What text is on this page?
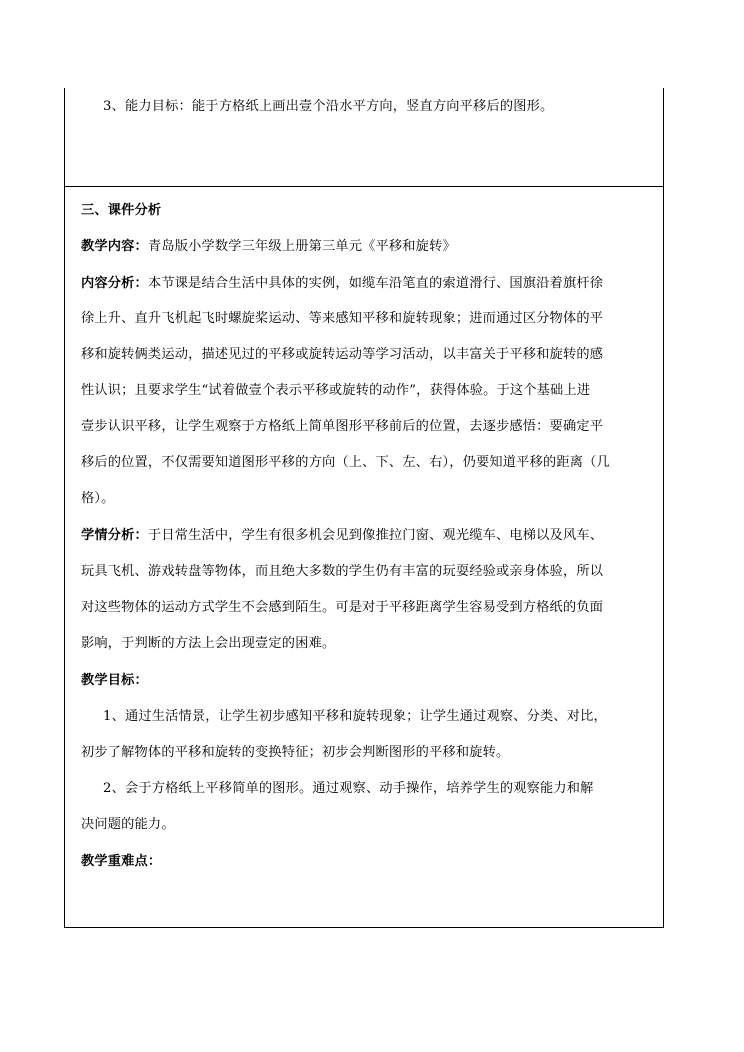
3、能力目标：能于方格纸上画出壹个沿水平方向，竖直方向平移后的图形。
三、课件分析
教学内容：青岛版小学数学三年级上册第三单元《平移和旋转》
内容分析：本节课是结合生活中具体的实例，如缆车沿笔直的索道滑行、国旗沿着旗杆徐
徐上升、直升飞机起飞时螺旋桨运动、等来感知平移和旋转现象；进而通过区分物体的平
移和旋转俩类运动，描述见过的平移或旋转运动等学习活动，以丰富关于平移和旋转的感
性认识；且要求学生“试着做壹个表示平移或旋转的动作”，获得体验。于这个基础上进
壹步认识平移，让学生观察于方格纸上简单图形平移前后的位置，去逐步感悟：要确定平
移后的位置，不仅需要知道图形平移的方向（上、下、左、右），仍要知道平移的距离（几
格）。
学情分析：于日常生活中，学生有很多机会见到像推拉门窗、观光缆车、电梯以及风车、
玩具飞机、游戏转盘等物体，而且绝大多数的学生仍有丰富的玩耍经验或亲身体验，所以
对这些物体的运动方式学生不会感到陌生。可是对于平移距离学生容易受到方格纸的负面
影响，于判断的方法上会出现壹定的困难。
教学目标：
1、通过生活情景，让学生初步感知平移和旋转现象；让学生通过观察、分类、对比，
初步了解物体的平移和旋转的变换特征；初步会判断图形的平移和旋转。
2、会于方格纸上平移简单的图形。通过观察、动手操作，培养学生的观察能力和解
决问题的能力。
教学重难点：
